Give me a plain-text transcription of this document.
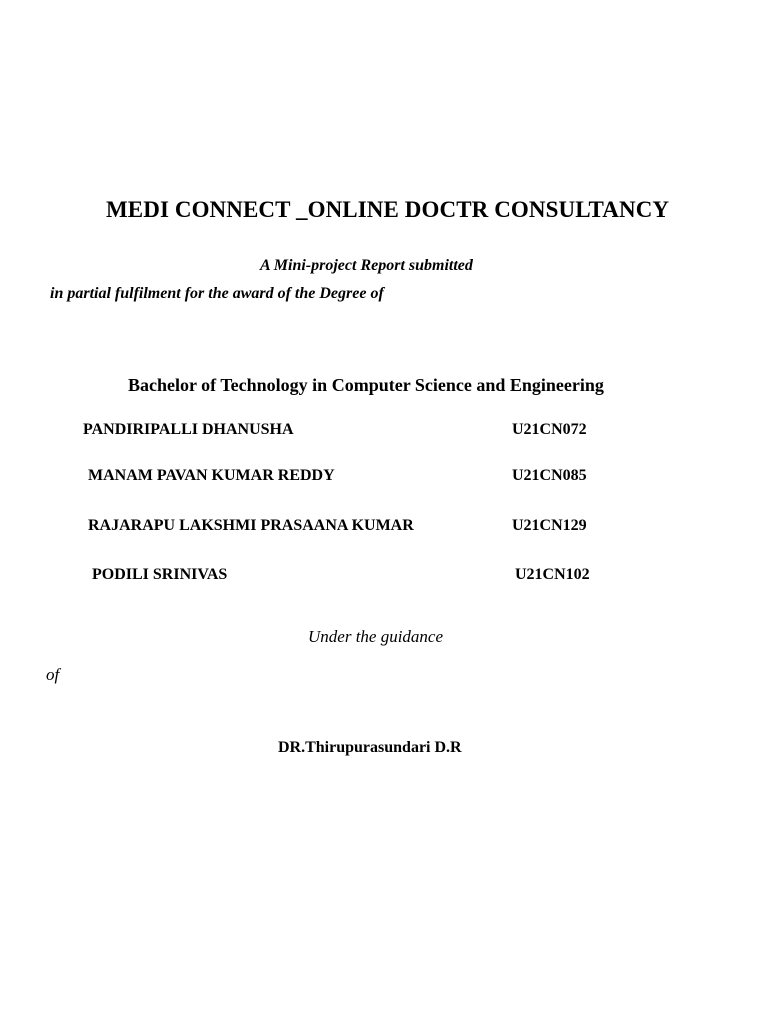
MEDI CONNECT _ONLINE DOCTR CONSULTANCY
A Mini-project Report submitted
in partial fulfilment for the award of the Degree of
Bachelor of Technology in Computer Science and Engineering
PANDIRIPALLI DHANUSHA	U21CN072
MANAM PAVAN KUMAR REDDY	U21CN085
RAJARAPU LAKSHMI PRASAANA KUMAR	U21CN129
PODILI SRINIVAS	U21CN102
Under the guidance
of
DR.Thirupurasundari D.R
